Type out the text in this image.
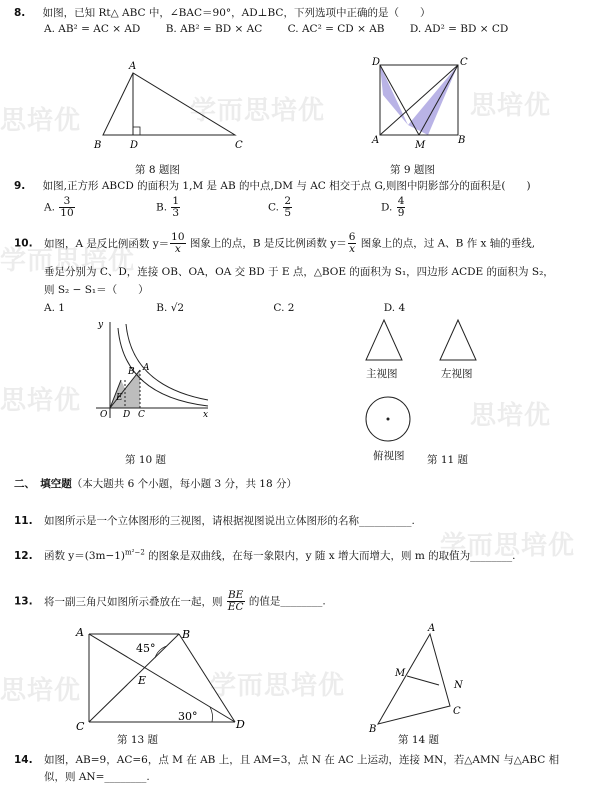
思培优	学而思培优	思培优
学而思培优
思培优	思培优
学而思培优
思培优	学而思培优
8. 如图，已知 Rt△ ABC 中，∠BAC＝90°，AD⊥BC，下列选项中正确的是（　　）
A. AB² = AC × AD B. AB² = BD × AC C. AC² = CD × AB D. AD² = BD × CD
A
B	D	C
第 8 题图
D	C
A	M	B
第 9 题图
9. 如图,正方形 ABCD 的面积为 1,M 是 AB 的中点,DM 与 AC 相交于点 G,则图中阴影部分的面积是(　　)
A. $\frac{3}{10}$	B. $\frac{1}{3}$	C. $\frac{2}{5}$	D. $\frac{4}{9}$
10. 如图，A 是反比例函数 $y= \frac{10}{x}$ 图象上的点，B 是反比例函数 $y= \frac{6}{x}$ 图象上的点，过 A、B 作 x 轴的垂线,
垂足分别为 C、D，连接 OB、OA，OA 交 BD 于 E 点，△BOE 的面积为 S₁，四边形 ACDE 的面积为 S₂，
则 S₂ − S₁＝（　　）
A. 1	B. √2	C. 2	D. 4
y
x
O D C
E
B A
第 10 题
主视图	左视图
俯视图 第 11 题
二、　填空题（本大题共 6 个小题，每小题 3 分，共 18 分）
11. 如图所示是一个立体图形的三视图，请根据视图说出立体图形的名称__________.
12. 函数 $y=(3m-1)^{m^2-2}$ 的图象是双曲线，在每一象限内，y 随 x 增大而增大，则 m 的取值为________.
13. 将一副三角尺如图所示叠放在一起，则 $\frac{BE}{EC}$ 的值是________.
A	B
C	D
E
45°
30°
第 13 题
A
M
N
B
C
第 14 题
14. 如图，AB=9，AC=6，点 M 在 AB 上，且 AM=3，点 N 在 AC 上运动，连接 MN，若△AMN 与△ABC 相
似，则 AN=________.
